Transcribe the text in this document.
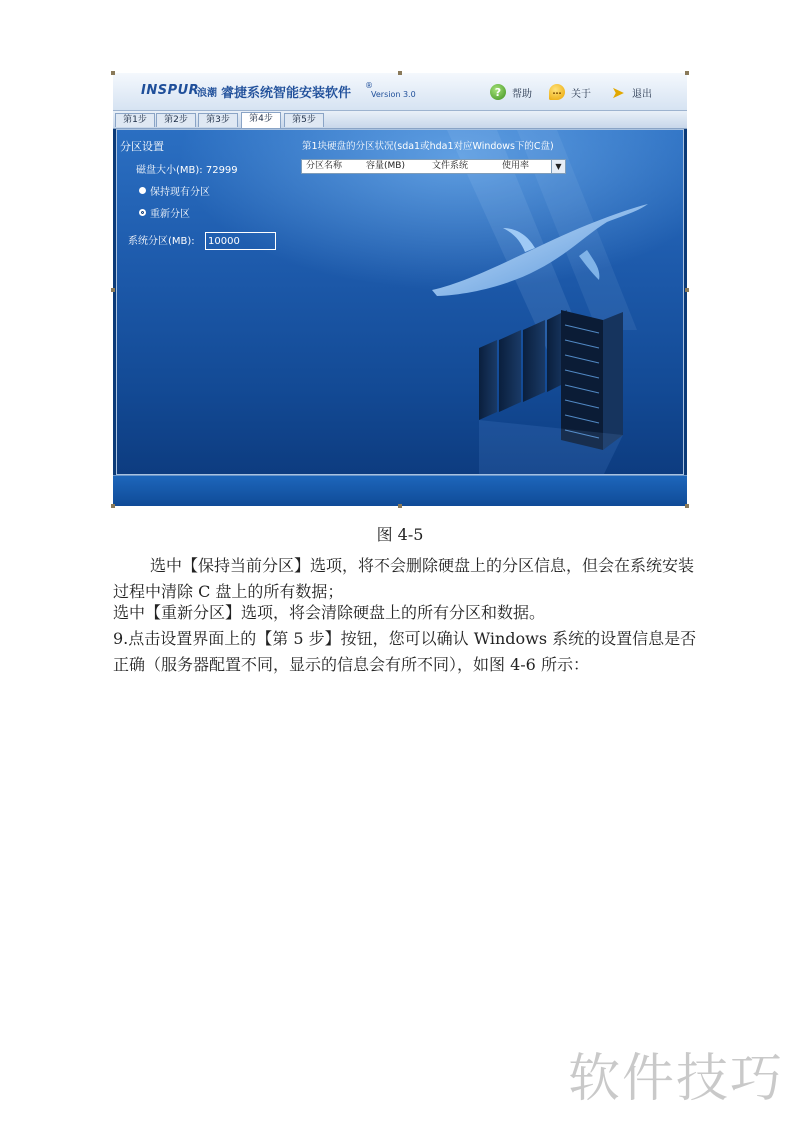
INSPUR
浪潮 睿捷系统智能安装软件
®
Version 3.0	?	帮助	… 关于 ➤ 退出
第1步	第2步	第3步	第4步	第5步
分区设置
磁盘大小(MB): 72999
保持现有分区
重新分区
系统分区(MB):
10000
第1块硬盘的分区状况(sda1或hda1对应Windows下的C盘)
分区名称	容量(MB)	文件系统	使用率	▼
图 4-5
选中【保持当前分区】选项，将不会删除硬盘上的分区信息，但会在系统安装过程中清除 C 盘上的所有数据；
选中【重新分区】选项，将会清除硬盘上的所有分区和数据。
9.点击设置界面上的【第 5 步】按钮，您可以确认 Windows 系统的设置信息是否正确（服务器配置不同，显示的信息会有所不同），如图 4-6 所示：
软件技巧
